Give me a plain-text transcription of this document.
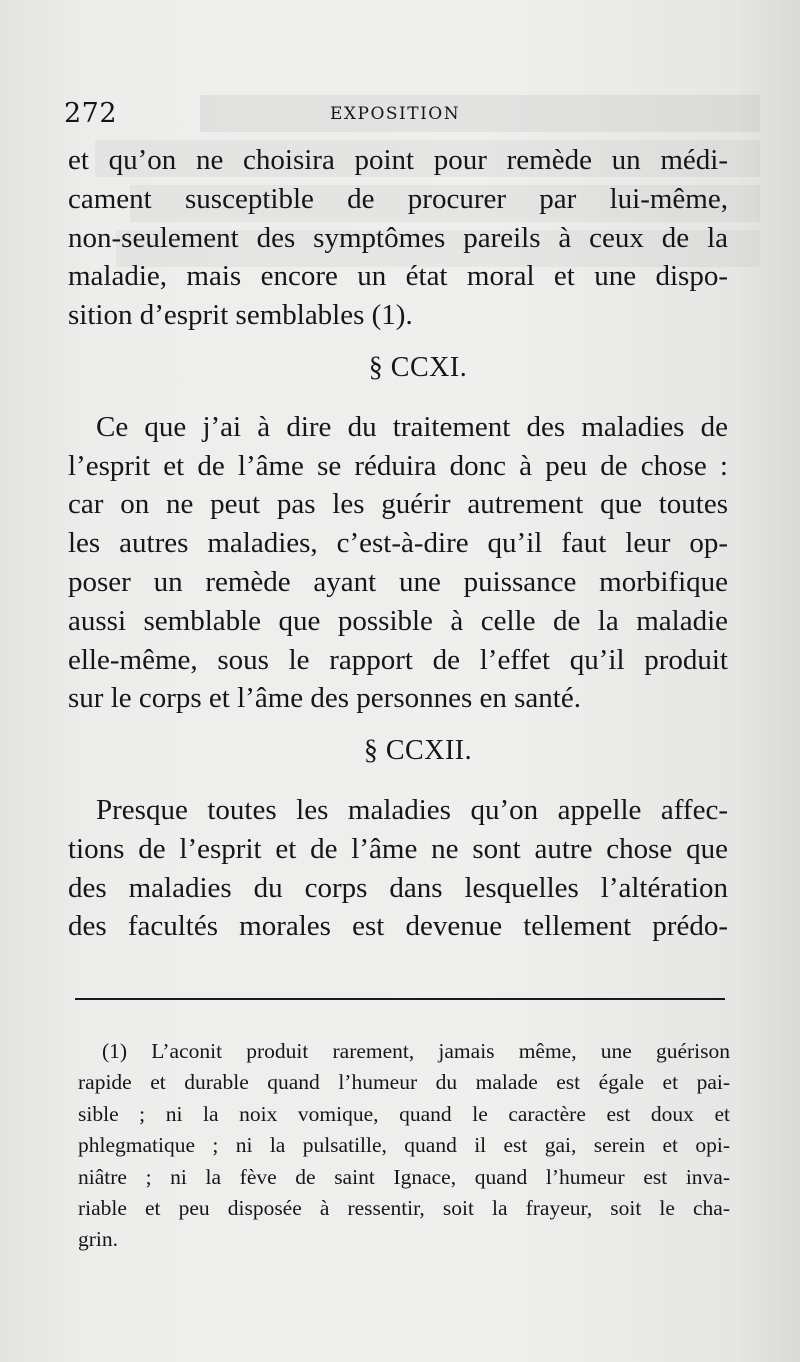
272	EXPOSITION
et qu’on ne choisira point pour remède un médi-
cament susceptible de procurer par lui-même,
non-seulement des symptômes pareils à ceux de la
maladie, mais encore un état moral et une dispo-
sition d’esprit semblables (1).
§ CCXI.
Ce que j’ai à dire du traitement des maladies de
l’esprit et de l’âme se réduira donc à peu de chose :
car on ne peut pas les guérir autrement que toutes
les autres maladies, c’est-à-dire qu’il faut leur op-
poser un remède ayant une puissance morbifique
aussi semblable que possible à celle de la maladie
elle-même, sous le rapport de l’effet qu’il produit
sur le corps et l’âme des personnes en santé.
§ CCXII.
Presque toutes les maladies qu’on appelle affec-
tions de l’esprit et de l’âme ne sont autre chose que
des maladies du corps dans lesquelles l’altération
des facultés morales est devenue tellement prédo-
(1) L’aconit produit rarement, jamais même, une guérison
rapide et durable quand l’humeur du malade est égale et pai-
sible ; ni la noix vomique, quand le caractère est doux et
phlegmatique ; ni la pulsatille, quand il est gai, serein et opi-
niâtre ; ni la fève de saint Ignace, quand l’humeur est inva-
riable et peu disposée à ressentir, soit la frayeur, soit le cha-
grin.
